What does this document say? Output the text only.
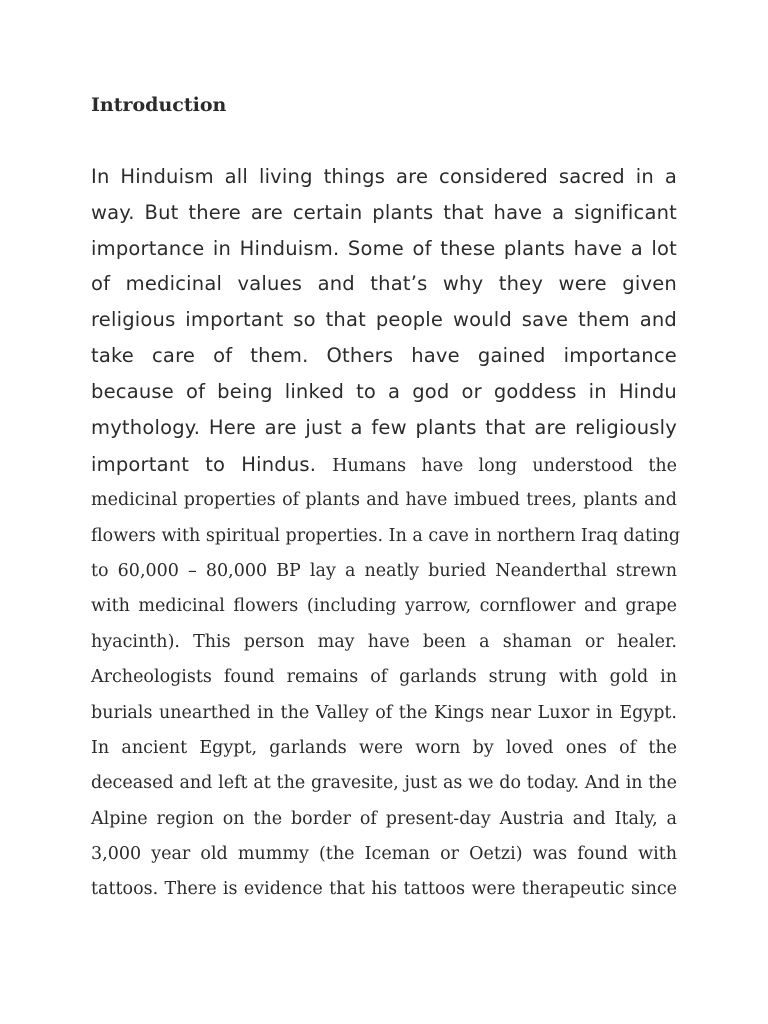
Introduction

In Hinduism all living things are considered sacred in a

way. But there are certain plants that have a significant

importance in Hinduism. Some of these plants have a lot

of medicinal values and that’s why they were given

religious important so that people would save them and

take care of them. Others have gained importance

because of being linked to a god or goddess in Hindu

mythology. Here are just a few plants that are religiously

important to Hindus. Humans have long understood the

medicinal properties of plants and have imbued trees, plants and

flowers with spiritual properties. In a cave in northern Iraq dating

to 60,000 – 80,000 BP lay a neatly buried Neanderthal strewn

with medicinal flowers (including yarrow, cornflower and grape

hyacinth). This person may have been a shaman or healer.

Archeologists found remains of garlands strung with gold in

burials unearthed in the Valley of the Kings near Luxor in Egypt.

In ancient Egypt, garlands were worn by loved ones of the

deceased and left at the gravesite, just as we do today. And in the

Alpine region on the border of present-day Austria and Italy, a

3,000 year old mummy (the Iceman or Oetzi) was found with

tattoos. There is evidence that his tattoos were therapeutic since
